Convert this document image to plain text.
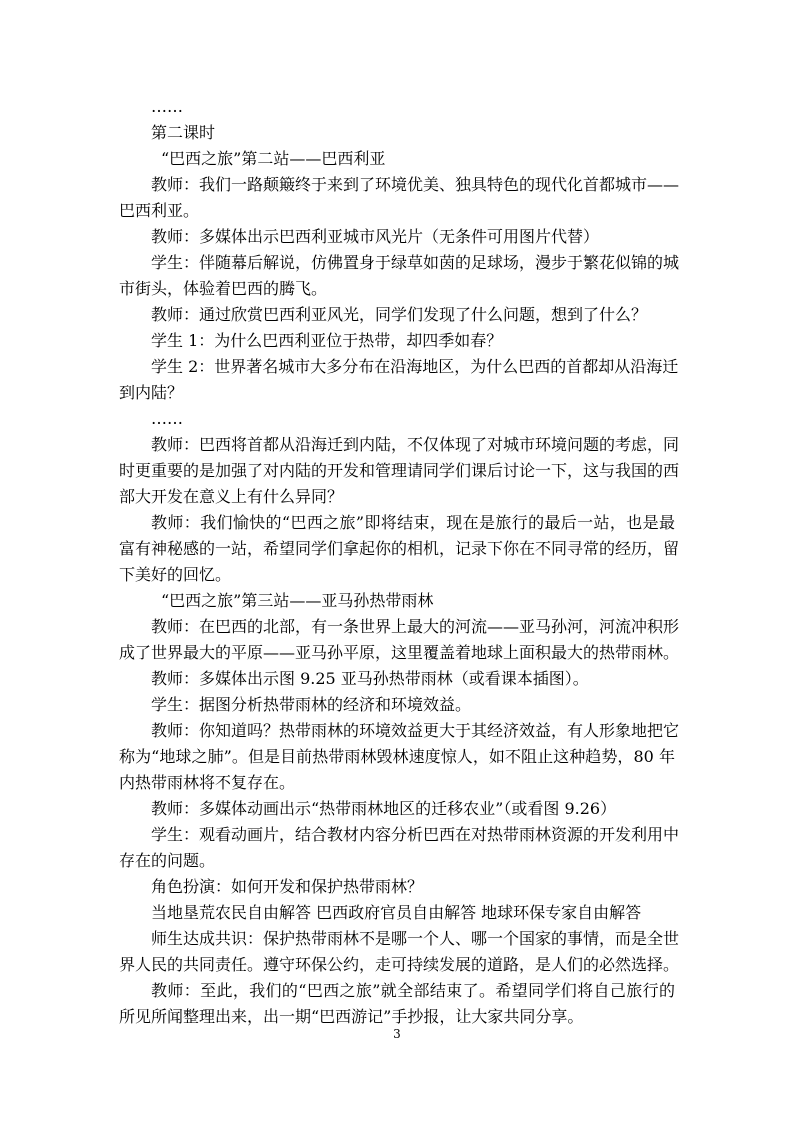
……
第二课时
“巴西之旅”第二站——巴西利亚
教师：我们一路颠簸终于来到了环境优美、独具特色的现代化首都城市——
巴西利亚。
教师：多媒体出示巴西利亚城市风光片（无条件可用图片代替）
学生：伴随幕后解说，仿佛置身于绿草如茵的足球场，漫步于繁花似锦的城
市街头，体验着巴西的腾飞。
教师：通过欣赏巴西利亚风光，同学们发现了什么问题，想到了什么？
学生 1：为什么巴西利亚位于热带，却四季如春？
学生 2：世界著名城市大多分布在沿海地区，为什么巴西的首都却从沿海迁
到内陆？
……
教师：巴西将首都从沿海迁到内陆，不仅体现了对城市环境问题的考虑，同
时更重要的是加强了对内陆的开发和管理请同学们课后讨论一下，这与我国的西
部大开发在意义上有什么异同？
教师：我们愉快的“巴西之旅”即将结束，现在是旅行的最后一站，也是最
富有神秘感的一站，希望同学们拿起你的相机，记录下你在不同寻常的经历，留
下美好的回忆。
“巴西之旅”第三站——亚马孙热带雨林
教师：在巴西的北部，有一条世界上最大的河流——亚马孙河，河流冲积形
成了世界最大的平原——亚马孙平原，这里覆盖着地球上面积最大的热带雨林。
教师：多媒体出示图 9.25 亚马孙热带雨林（或看课本插图）。
学生：据图分析热带雨林的经济和环境效益。
教师：你知道吗？热带雨林的环境效益更大于其经济效益，有人形象地把它
称为“地球之肺”。但是目前热带雨林毁林速度惊人，如不阻止这种趋势，80 年
内热带雨林将不复存在。
教师：多媒体动画出示“热带雨林地区的迁移农业”（或看图 9.26）
学生：观看动画片，结合教材内容分析巴西在对热带雨林资源的开发利用中
存在的问题。
角色扮演：如何开发和保护热带雨林？
当地垦荒农民自由解答 巴西政府官员自由解答 地球环保专家自由解答
师生达成共识：保护热带雨林不是哪一个人、哪一个国家的事情，而是全世
界人民的共同责任。遵守环保公约，走可持续发展的道路，是人们的必然选择。
教师：至此，我们的“巴西之旅”就全部结束了。希望同学们将自己旅行的
所见所闻整理出来，出一期“巴西游记”手抄报，让大家共同分享。
3
